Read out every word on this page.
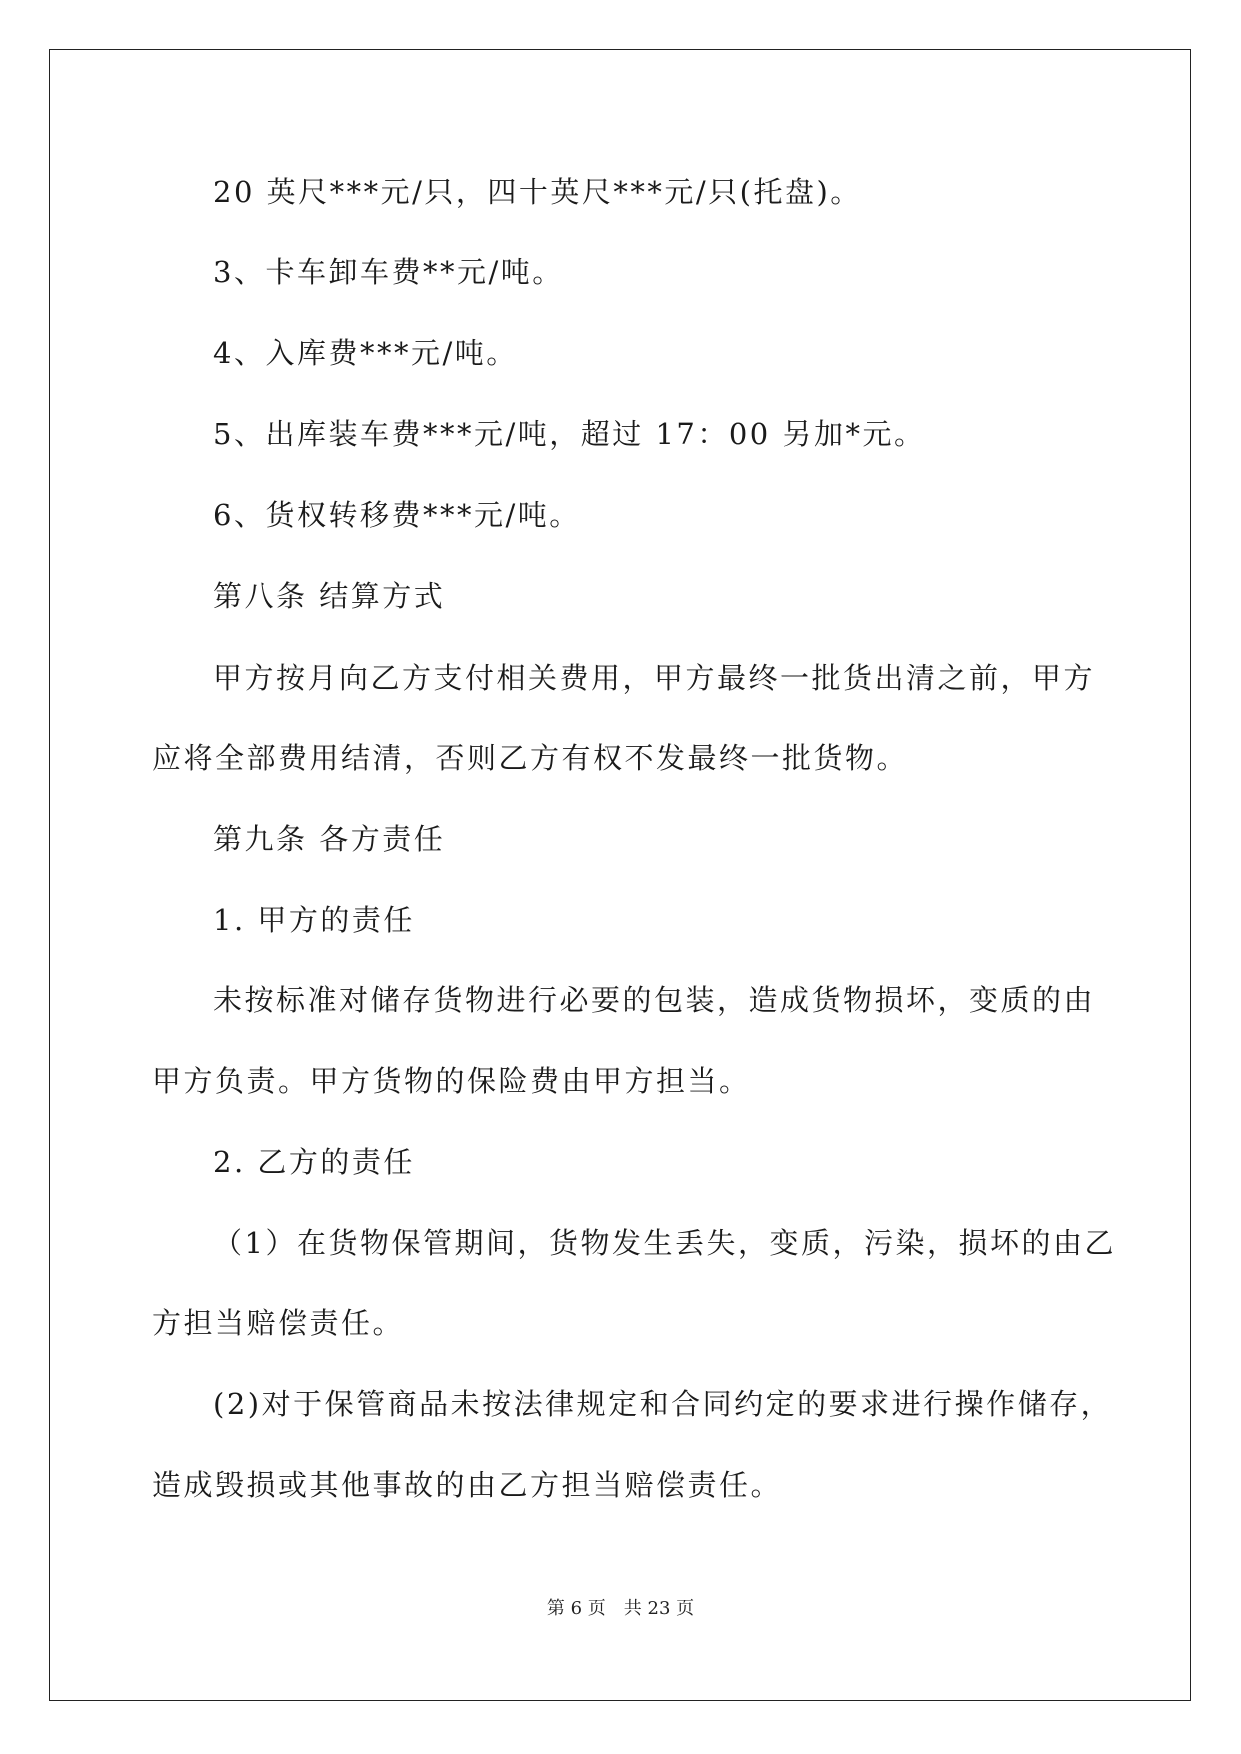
20 英尺***元/只，四十英尺***元/只(托盘)。
3、卡车卸车费**元/吨。
4、入库费***元/吨。
5、出库装车费***元/吨，超过 17：00 另加*元。
6、货权转移费***元/吨。
第八条 结算方式
甲方按月向乙方支付相关费用，甲方最终一批货出清之前，甲方
应将全部费用结清，否则乙方有权不发最终一批货物。
第九条 各方责任
1. 甲方的责任
未按标准对储存货物进行必要的包装，造成货物损坏，变质的由
甲方负责。甲方货物的保险费由甲方担当。
2. 乙方的责任
（1）在货物保管期间，货物发生丢失，变质，污染，损坏的由乙
方担当赔偿责任。
(2)对于保管商品未按法律规定和合同约定的要求进行操作储存，
造成毁损或其他事故的由乙方担当赔偿责任。
第 6 页 共 23 页
